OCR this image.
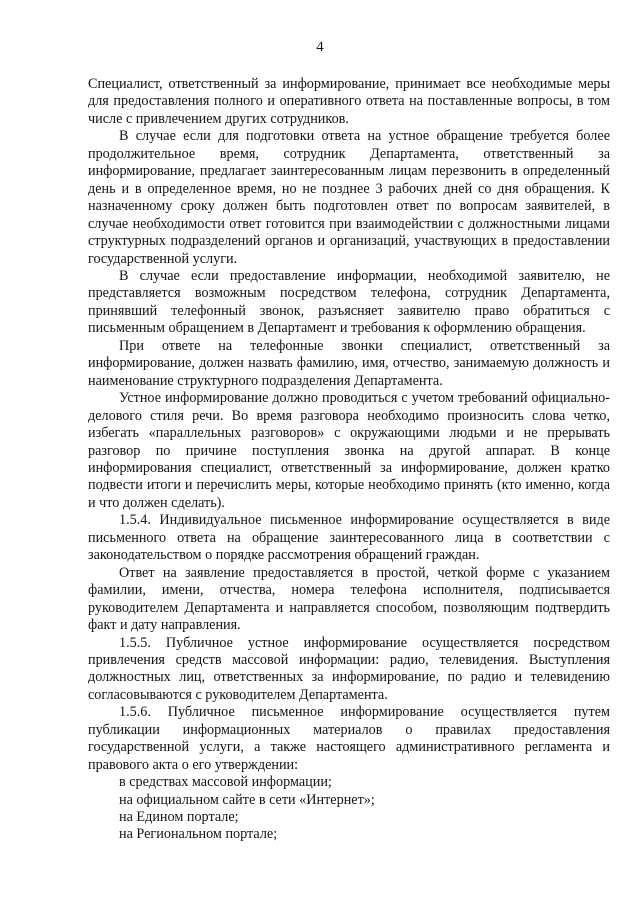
4

Специалист, ответственный за информирование, принимает все необходимые меры для предоставления полного и оперативного ответа на поставленные вопросы, в том числе с привлечением других сотрудников.

В случае если для подготовки ответа на устное обращение требуется более продолжительное время, сотрудник Департамента, ответственный за информирование, предлагает заинтересованным лицам перезвонить в определенный день и в определенное время, но не позднее 3 рабочих дней со дня обращения. К назначенному сроку должен быть подготовлен ответ по вопросам заявителей, в случае необходимости ответ готовится при взаимодействии с должностными лицами структурных подразделений органов и организаций, участвующих в предоставлении государственной услуги.

В случае если предоставление информации, необходимой заявителю, не представляется возможным посредством телефона, сотрудник Департамента, принявший телефонный звонок, разъясняет заявителю право обратиться с письменным обращением в Департамент и требования к оформлению обращения.

При ответе на телефонные звонки специалист, ответственный за информирование, должен назвать фамилию, имя, отчество, занимаемую должность и наименование структурного подразделения Департамента.

Устное информирование должно проводиться с учетом требований официально-делового стиля речи. Во время разговора необходимо произносить слова четко, избегать «параллельных разговоров» с окружающими людьми и не прерывать разговор по причине поступления звонка на другой аппарат. В конце информирования специалист, ответственный за информирование, должен кратко подвести итоги и перечислить меры, которые необходимо принять (кто именно, когда и что должен сделать).

1.5.4. Индивидуальное письменное информирование осуществляется в виде письменного ответа на обращение заинтересованного лица в соответствии с законодательством о порядке рассмотрения обращений граждан.

Ответ на заявление предоставляется в простой, четкой форме с указанием фамилии, имени, отчества, номера телефона исполнителя, подписывается руководителем Департамента и направляется способом, позволяющим подтвердить факт и дату направления.

1.5.5. Публичное устное информирование осуществляется посредством привлечения средств массовой информации: радио, телевидения. Выступления должностных лиц, ответственных за информирование, по радио и телевидению согласовываются с руководителем Департамента.

1.5.6. Публичное письменное информирование осуществляется путем публикации информационных материалов о правилах предоставления государственной услуги, а также настоящего административного регламента и правового акта о его утверждении:

в средствах массовой информации;

на официальном сайте в сети «Интернет»;

на Едином портале;

на Региональном портале;
